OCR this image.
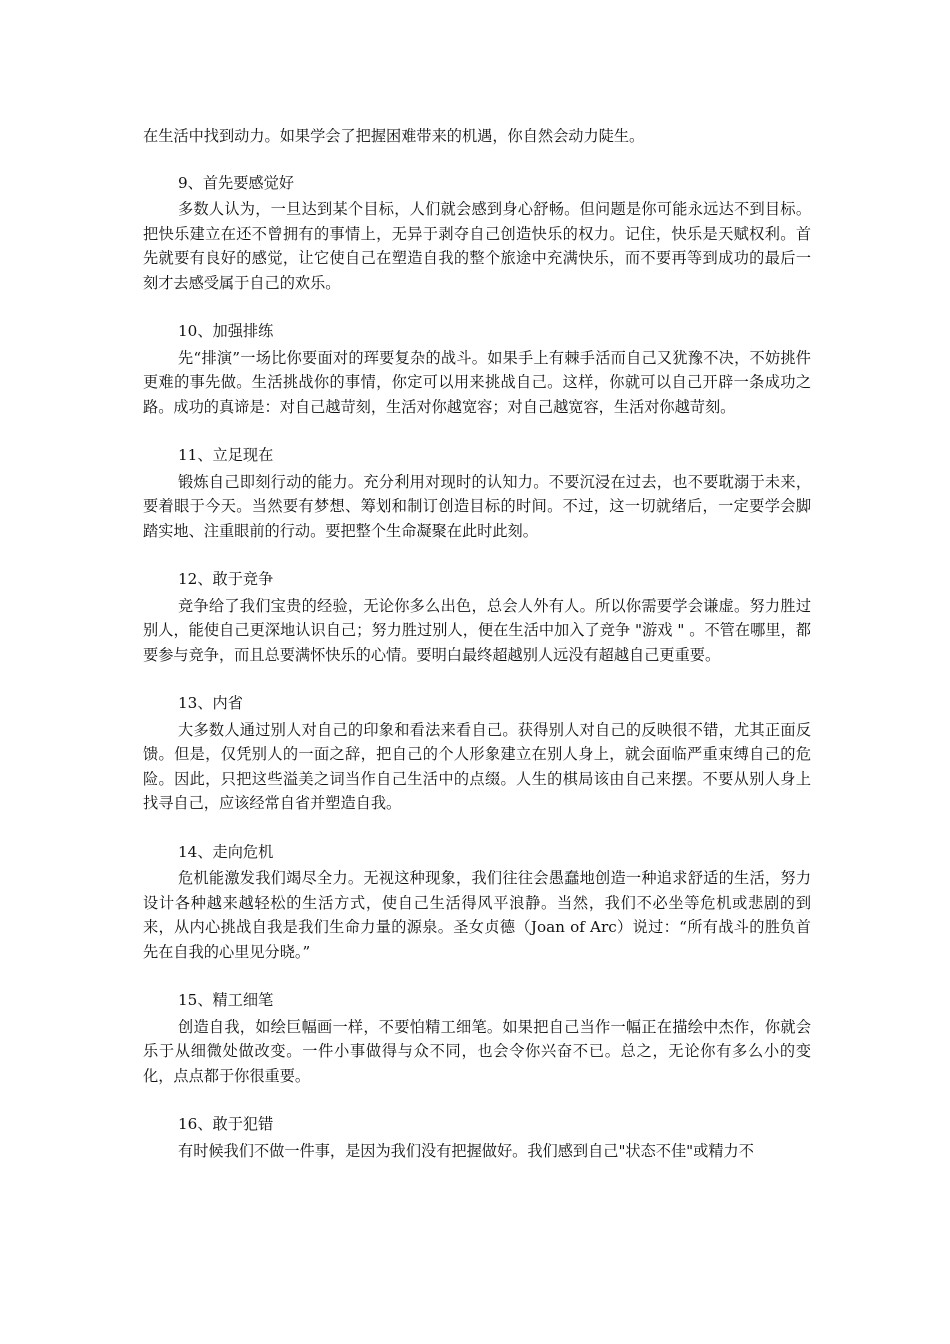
在生活中找到动力。如果学会了把握困难带来的机遇，你自然会动力陡生。

9、首先要感觉好

多数人认为，一旦达到某个目标，人们就会感到身心舒畅。但问题是你可能永远达不到目标。把快乐建立在还不曾拥有的事情上，无异于剥夺自己创造快乐的权力。记住，快乐是天赋权利。首先就要有良好的感觉，让它使自己在塑造自我的整个旅途中充满快乐，而不要再等到成功的最后一刻才去感受属于自己的欢乐。

10、加强排练

先“排演”一场比你要面对的珲要复杂的战斗。如果手上有棘手活而自己又犹豫不决，不妨挑件更难的事先做。生活挑战你的事情，你定可以用来挑战自己。这样，你就可以自己开辟一条成功之路。成功的真谛是：对自己越苛刻，生活对你越宽容；对自己越宽容，生活对你越苛刻。

11、立足现在

锻炼自己即刻行动的能力。充分利用对现时的认知力。不要沉浸在过去，也不要耽溺于未来，要着眼于今天。当然要有梦想、筹划和制订创造目标的时间。不过，这一切就绪后，一定要学会脚踏实地、注重眼前的行动。要把整个生命凝聚在此时此刻。

12、敢于竞争

竞争给了我们宝贵的经验，无论你多么出色，总会人外有人。所以你需要学会谦虚。努力胜过别人，能使自己更深地认识自己；努力胜过别人，便在生活中加入了竞争 "游戏 " 。不管在哪里，都要参与竞争，而且总要满怀快乐的心情。要明白最终超越别人远没有超越自己更重要。

13、内省

大多数人通过别人对自己的印象和看法来看自己。获得别人对自己的反映很不错，尤其正面反馈。但是，仅凭别人的一面之辞，把自己的个人形象建立在别人身上，就会面临严重束缚自己的危险。因此，只把这些溢美之词当作自己生活中的点缀。人生的棋局该由自己来摆。不要从别人身上找寻自己，应该经常自省并塑造自我。

14、走向危机

危机能激发我们竭尽全力。无视这种现象，我们往往会愚蠢地创造一种追求舒适的生活，努力设计各种越来越轻松的生活方式，使自己生活得风平浪静。当然，我们不必坐等危机或悲剧的到来，从内心挑战自我是我们生命力量的源泉。圣女贞德（Joan of Arc）说过：“所有战斗的胜负首先在自我的心里见分晓。”

15、精工细笔

创造自我，如绘巨幅画一样，不要怕精工细笔。如果把自己当作一幅正在描绘中杰作，你就会乐于从细微处做改变。一件小事做得与众不同，也会令你兴奋不已。总之，无论你有多么小的变化，点点都于你很重要。

16、敢于犯错

有时候我们不做一件事，是因为我们没有把握做好。我们感到自己"状态不佳"或精力不
